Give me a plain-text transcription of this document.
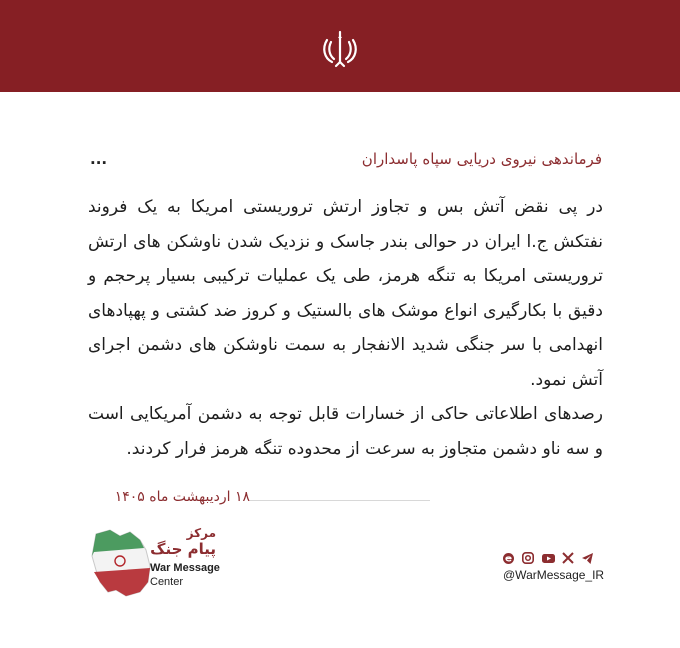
فرماندهی نیروی دریایی سپاه پاسداران
...

در پی نقض آتش بس و تجاوز ارتش تروریستی امریکا به یک فروند نفتکش ج.ا ایران در حوالی بندر جاسک و نزدیک شدن ناوشکن های ارتش تروریستی امریکا به تنگه هرمز، طی یک عملیات ترکیبی بسیار پرحجم و دقیق با بکارگیری انواع موشک های بالستیک و کروز ضد کشتی و پهپادهای انهدامی با سر جنگی شدید الانفجار به سمت ناوشکن های دشمن اجرای آتش نمود.

رصدهای اطلاعاتی حاکی از خسارات قابل توجه به دشمن آمریکایی است و سه ناو دشمن متجاوز به سرعت از محدوده تنگه هرمز فرار کردند.

۱۸ اردیبهشت ماه ۱۴۰۵
مرکز
پیام جنگ
War Message
Center	@WarMessage_IR
